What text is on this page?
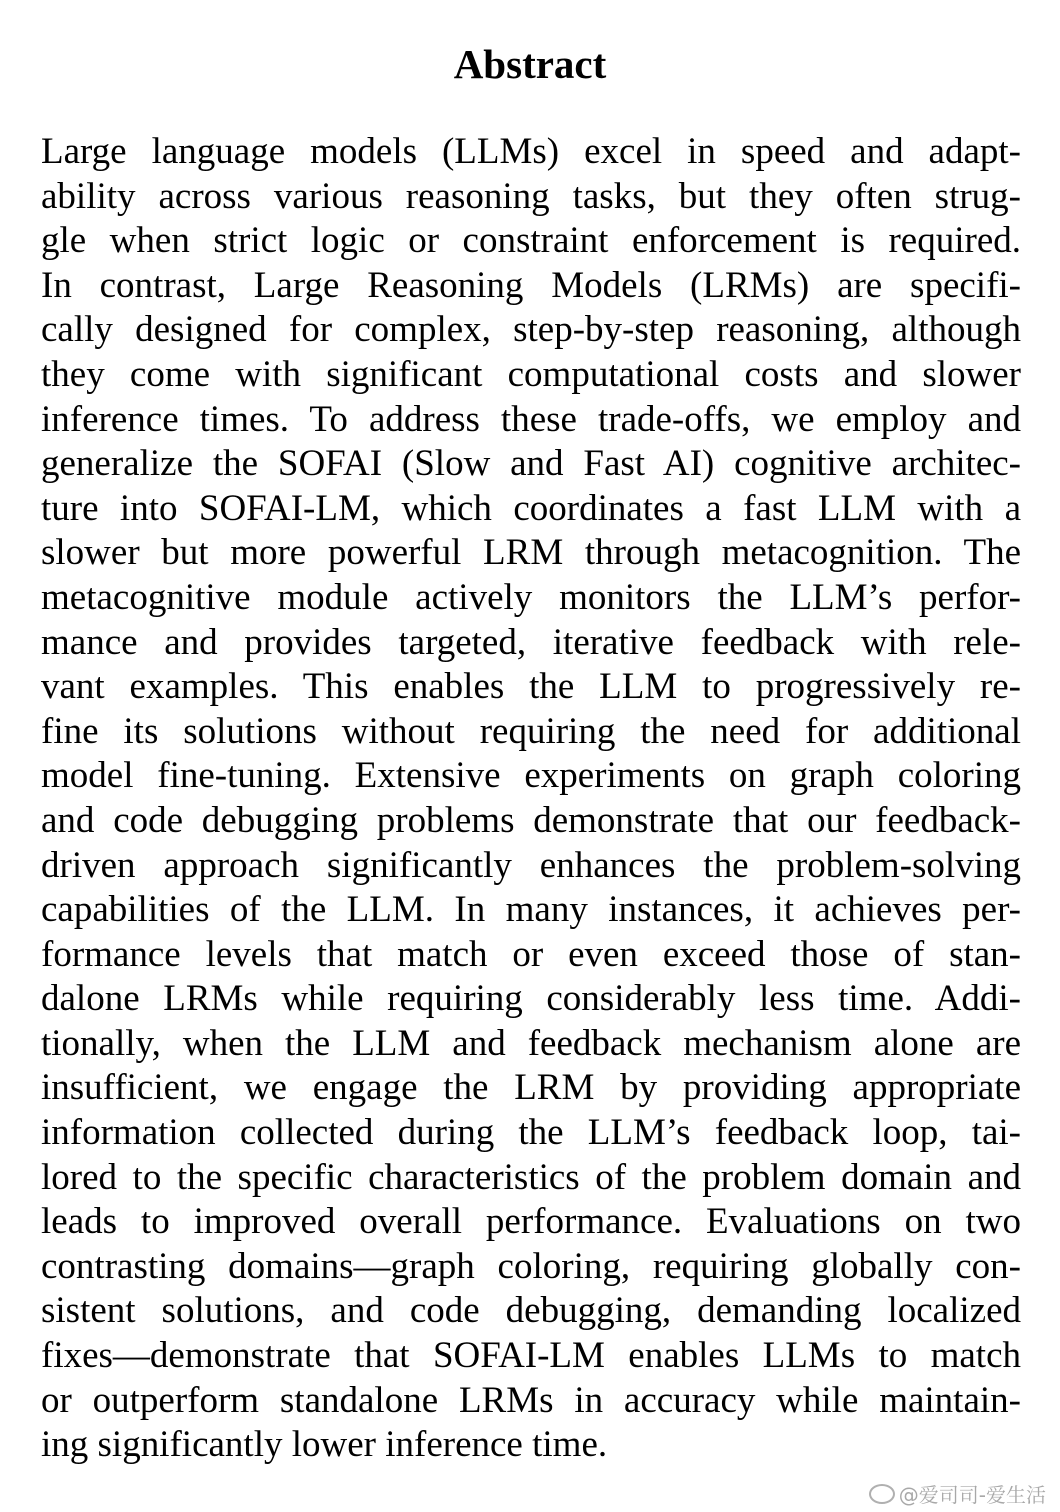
Abstract
Large language models (LLMs) excel in speed and adapt-
ability across various reasoning tasks, but they often strug-
gle when strict logic or constraint enforcement is required.
In contrast, Large Reasoning Models (LRMs) are specifi-
cally designed for complex, step-by-step reasoning, although
they come with significant computational costs and slower
inference times. To address these trade-offs, we employ and
generalize the SOFAI (Slow and Fast AI) cognitive architec-
ture into SOFAI-LM, which coordinates a fast LLM with a
slower but more powerful LRM through metacognition. The
metacognitive module actively monitors the LLM’s perfor-
mance and provides targeted, iterative feedback with rele-
vant examples. This enables the LLM to progressively re-
fine its solutions without requiring the need for additional
model fine-tuning. Extensive experiments on graph coloring
and code debugging problems demonstrate that our feedback-
driven approach significantly enhances the problem-solving
capabilities of the LLM. In many instances, it achieves per-
formance levels that match or even exceed those of stan-
dalone LRMs while requiring considerably less time. Addi-
tionally, when the LLM and feedback mechanism alone are
insufficient, we engage the LRM by providing appropriate
information collected during the LLM’s feedback loop, tai-
lored to the specific characteristics of the problem domain and
leads to improved overall performance. Evaluations on two
contrasting domains—graph coloring, requiring globally con-
sistent solutions, and code debugging, demanding localized
fixes—demonstrate that SOFAI-LM enables LLMs to match
or outperform standalone LRMs in accuracy while maintain-
ing significantly lower inference time.
@爱司司-爱生活
